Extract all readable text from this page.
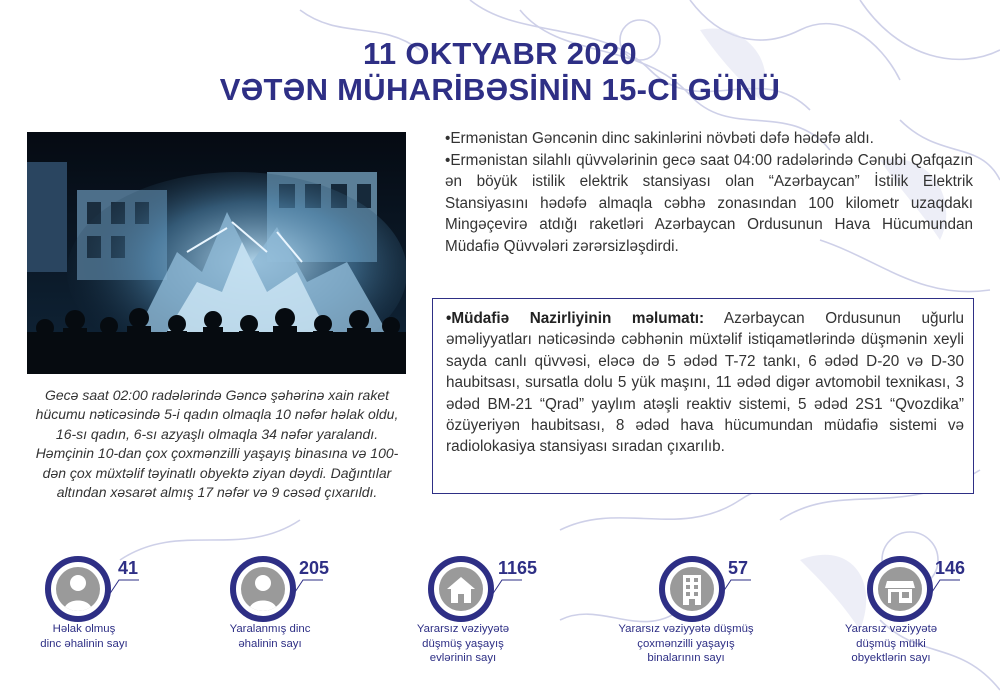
11 OKTYABR 2020
VƏTƏN MÜHARİBƏSİNİN 15-Cİ GÜNÜ
Gecə saat 02:00 radələrində Gəncə şəhərinə xain raket hücumu nəticəsində 5-i qadın olmaqla 10 nəfər həlak oldu, 16-sı qadın, 6-sı azyaşlı olmaqla 34 nəfər yaralandı. Həmçinin 10-dan çox çoxmənzilli yaşayış binasına və 100-dən çox müxtəlif təyinatlı obyektə ziyan dəydi. Dağıntılar altından xəsarət almış 17 nəfər və 9 cəsəd çıxarıldı.

•Ermənistan Gəncənin dinc sakinlərini növbəti dəfə hədəfə aldı.

•Ermənistan silahlı qüvvələrinin gecə saat 04:00 radələrində Cənubi Qafqazın ən böyük istilik elektrik stansiyası olan “Azərbaycan” İstilik Elektrik Stansiyasını hədəfə almaqla cəbhə zonasından 100 kilometr uzaqdakı Mingəçevirə atdığı raketləri Azərbaycan Ordusunun Hava Hücumundan Müdafiə Qüvvələri zərərsizləşdirdi.

•Müdafiə Nazirliyinin məlumatı: Azərbaycan Ordusunun uğurlu əməliyyatları nəticəsində cəbhənin müxtəlif istiqamətlərində düşmənin xeyli sayda canlı qüvvəsi, eləcə də 5 ədəd T-72 tankı, 6 ədəd D-20 və D-30 haubitsası, sursatla dolu 5 yük maşını, 11 ədəd digər avtomobil texnikası, 3 ədəd BM-21 “Qrad” yaylım atəşli reaktiv sistemi, 5 ədəd 2S1 “Qvozdika” özüyeriyən haubitsası, 8 ədəd hava hücumundan müdafiə sistemi və radiolokasiya stansiyası sıradan çıxarılıb.
41
Həlak olmuş
dinc əhalinin sayı
205
Yaralanmış dinc
əhalinin sayı
1165
Yararsız vəziyyətə
düşmüş yaşayış
evlərinin sayı
57
Yararsız vəziyyətə düşmüş
çoxmənzilli yaşayış
binalarının sayı
146
Yararsız vəziyyətə
düşmüş mülki
obyektlərin sayı
